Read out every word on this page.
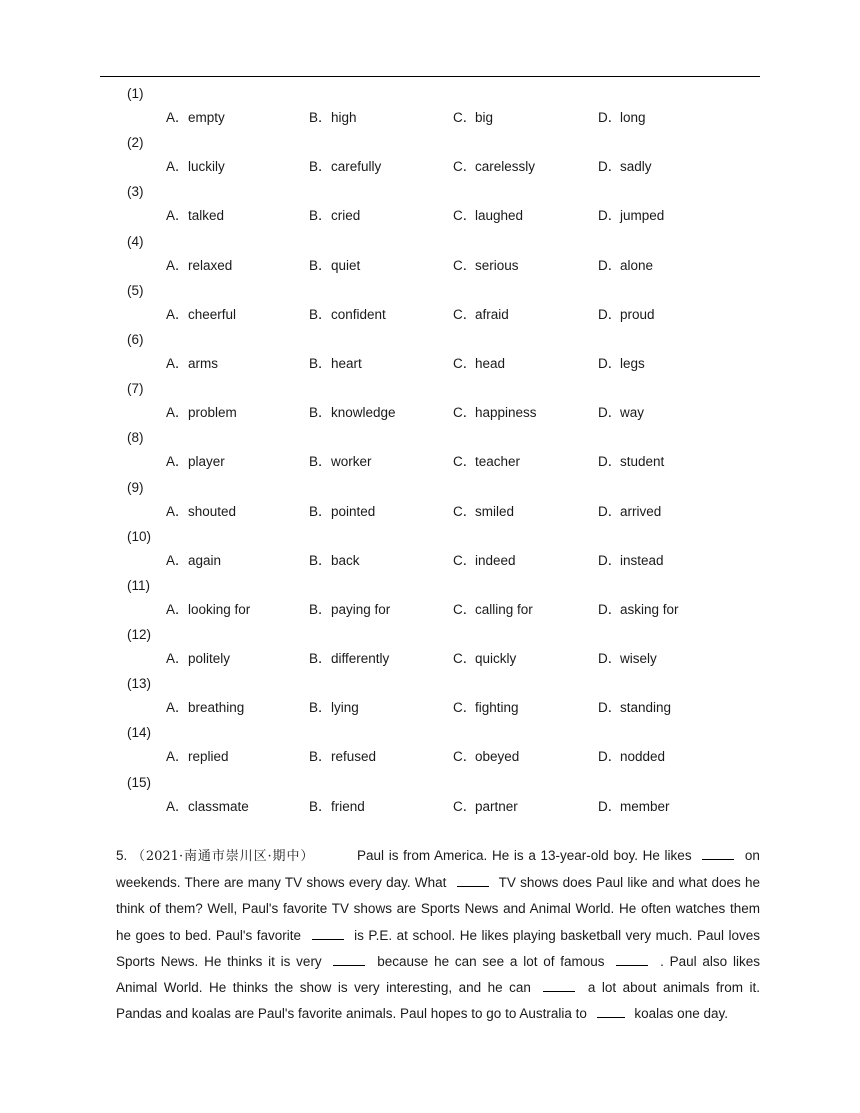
(1)
A．empty	B．high	C．big	D．long
(2)
A．luckily	B．carefully	C．carelessly	D．sadly
(3)
A．talked	B．cried	C．laughed	D．jumped
(4)
A．relaxed	B．quiet	C．serious	D．alone
(5)
A．cheerful	B．confident	C．afraid	D．proud
(6)
A．arms	B．heart	C．head	D．legs
(7)
A．problem	B．knowledge	C．happiness	D．way
(8)
A．player	B．worker	C．teacher	D．student
(9)
A．shouted	B．pointed	C．smiled	D．arrived
(10)
A．again	B．back	C．indeed	D．instead
(11)
A．looking for	B．paying for	C．calling for	D．asking for
(12)
A．politely	B．differently	C．quickly	D．wisely
(13)
A．breathing	B．lying	C．fighting	D．standing
(14)
A．replied	B．refused	C．obeyed	D．nodded
(15)
A．classmate	B．friend	C．partner	D．member
5. （2021·南通市崇川区·期中）	Paul is from America. He is a 13-year-old boy. He likes	on weekends. There are many TV shows every day. What	TV shows does Paul like and what does he think of them? Well, Paul's favorite TV shows are Sports News and Animal World. He often watches them he goes to bed. Paul's favorite	is P.E. at school. He likes playing basketball very much. Paul loves Sports News. He thinks it is very	because he can see a lot of famous	. Paul also likes Animal World. He thinks the show is very interesting, and he can	a lot about animals from it. Pandas and koalas are Paul's favorite animals. Paul hopes to go to Australia to	koalas one day.
